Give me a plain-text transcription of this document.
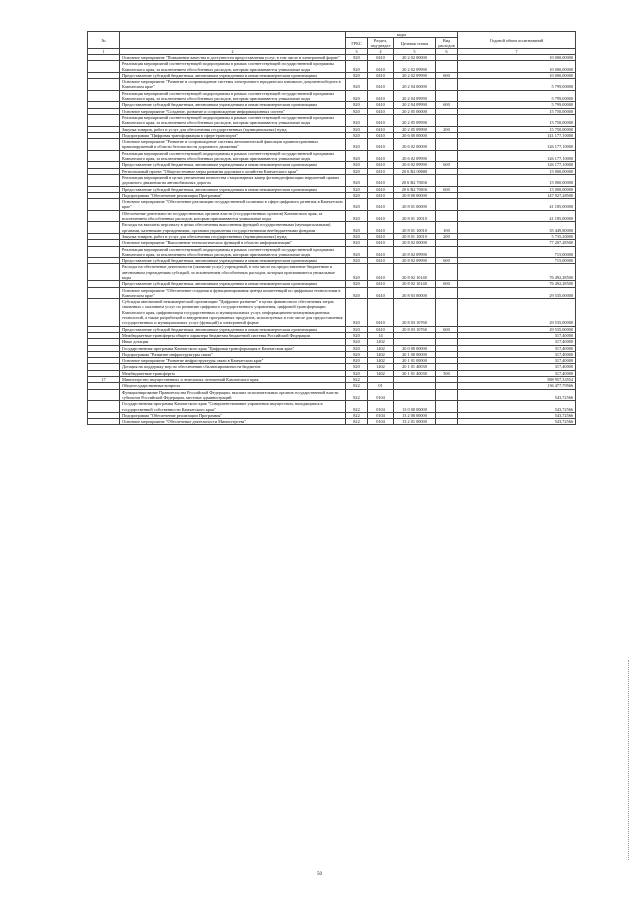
№		коды				Годовой объем ассигнований
		ГРБС	Раздел, под-раздел	Целевая статья	Вид расходов	
1	2	3	4	5	6	7
	Основное мероприятие "Повышение качества и доступности предоставления услуг, в том числе в электронной форме"	820	0410	20 2 02 00000		10 000,00000
	Реализация мероприятий соответствующей подпрограммы в рамках соответствующей государственной программы Камчатского края, за исключением обособленных расходов, которым присваиваются уникальные коды	820	0410	20 2 02 09990		10 000,00000
	Предоставление субсидий бюджетным, автономным учреждениям и иным некоммерческим организациям	820	0410	20 2 02 09990	600	10 000,00000
	Основное мероприятие "Развитие и сопровождение системы электронного юридически значимого документооборота в Камчатском крае"	820	0410	20 2 04 00000		5 799,00000
	Реализация мероприятий соответствующей подпрограммы в рамках соответствующей государственной программы Камчатского края, за исключением обособленных расходов, которым присваиваются уникальные коды	820	0410	20 2 04 09990		5 799,00000
	Предоставление субсидий бюджетным, автономным учреждениям и иным некоммерческим организациям	820	0410	20 2 04 09990	600	5 799,00000
	Основное мероприятие "Создание, развитие и сопровождение информационных систем"	820	0410	20 2 05 00000		15 750,00000
	Реализация мероприятий соответствующей подпрограммы в рамках соответствующей государственной программы Камчатского края, за исключением обособленных расходов, которым присваиваются уникальные коды	820	0410	20 2 05 09990		15 750,00000
	Закупка товаров, работ и услуг для обеспечения государственных (муниципальных) нужд	820	0410	20 2 05 09990	200	15 750,00000
	Подпрограмма "Цифровая трансформация в сфере транспорта"	820	0410	20 6 00 00000		141 177,10000
	Основное мероприятие "Развитие и сопровождение системы автоматической фиксации административных правонарушений в области безопасности дорожного движения"	820	0410	20 6 02 00000		126 177,10000
	Реализация мероприятий соответствующей подпрограммы в рамках соответствующей государственной программы Камчатского края, за исключением обособленных расходов, которым присваиваются уникальные коды	820	0410	20 6 02 09990		126 177,10000
	Предоставление субсидий бюджетным, автономным учреждениям и иным некоммерческим организациям	820	0410	20 6 02 09990	600	126 177,10000
	Региональный проект "Общесистемные меры развития дорожного хозяйства Камчатского края"	820	0410	20 6 R2 00000		15 000,00000
	Реализация мероприятий в целях увеличения количества стационарных камер фотовидеофиксации нарушений правил дорожного движения на автомобильных дорогах	820	0410	20 6 R2 70016		15 000,00000
	Предоставление субсидий бюджетным, автономным учреждениям и иным некоммерческим организациям	820	0410	20 6 R2 70016	600	15 000,00000
	Подпрограмма "Обеспечение реализации Программы"	820	0410	20 8 00 00000		147 927,28500
	Основное мероприятие "Обеспечение реализации государственной политики в сфере цифрового развития в Камчатском крае"	820	0410	20 8 01 00000		41 185,00000
	Обеспечение деятельности государственных органов власти (государственных органов) Камчатского края, за исключением обособленных расходов, которым присваиваются уникальные коды	820	0410	20 8 01 10010		41 185,00000
	Расходы на выплаты персоналу в целях обеспечения выполнения функций государственными (муниципальными) органами, казенными учреждениями, органами управления государственными внебюджетными фондами	820	0410	20 8 01 10010	100	35 449,80000
	Закупка товаров, работ и услуг для обеспечения государственных (муниципальных) нужд	820	0410	20 8 01 10010	200	5 735,20000
	Основное мероприятие "Выполнение технологических функций в области информатизации"	820	0410	20 8 02 00000		77 207,28500
	Реализация мероприятий соответствующей подпрограммы в рамках соответствующей государственной программы Камчатского края, за исключением обособленных расходов, которым присваиваются уникальные коды	820	0410	20 8 02 09990		715,00000
	Предоставление субсидий бюджетным, автономным учреждениям и иным некоммерческим организациям	820	0410	20 8 02 09990	600	715,00000
	Расходы на обеспечение деятельности (оказание услуг) учреждений, в том числе на предоставление бюджетным и автономным учреждениям субсидий, за исключением обособленных расходов, которым присваиваются уникальные коды	820	0410	20 8 02 10140		76 492,28500
	Предоставление субсидий бюджетным, автономным учреждениям и иным некоммерческим организациям	820	0410	20 8 02 10140	600	76 492,28500
	Основное мероприятие "Обеспечение создания и функционирования центра компетенций по цифровым технологиям в Камчатском крае"	820	0410	20 8 03 00000		29 535,00000
	Субсидия автономной некоммерческой организации "Цифровое развитие" в целях финансового обеспечения затрат, связанных с оказанием услуг по развитию цифрового государственного управления, цифровой трансформации Камчатского края, цифровизации государственных и муниципальных услуг, информационно-коммуникационных технологий, а также разработкой и внедрением программных продуктов, используемых в том числе для предоставления государственных и муниципальных услуг (функций) в электронной форме	820	0410	20 8 03 10760		29 535,00000
	Предоставление субсидий бюджетным, автономным учреждениям и иным некоммерческим организациям	820	0410	20 8 03 10760	600	29 535,00000
	Межбюджетные трансферты общего характера бюджетам бюджетной системы Российской Федерации	820	14			317,40000
	Иные дотации	820	1402			317,40000
	Государственная программа Камчатского края "Цифровая трансформация в Камчатском крае"	820	1402	20 0 00 00000		317,40000
	Подпрограмма "Развитие инфраструктуры связи"	820	1402	20 1 00 00000		317,40000
	Основное мероприятие "Развитие инфраструктуры связи в Камчатском крае"	820	1402	20 1 01 00000		317,40000
	Дотация на поддержку мер по обеспечению сбалансированности бюджетов	820	1402	20 1 01 40030		317,40000
	Межбюджетные трансферты	820	1402	20 1 01 40030	500	317,40000
17	Министерство имущественных и земельных отношений Камчатского края	822				588 957,33554
	Общегосударственные вопросы	822	01			136 477,79566
	Функционирование Правительства Российской Федерации, высших исполнительных органов государственной власти субъектов Российской Федерации, местных администраций	822	0104			543,72566
	Государственная программа Камчатского края "Совершенствование управления имуществом, находящимся в государственной собственности Камчатского края"	822	0104	13 0 00 00000		543,72566
	Подпрограмма "Обеспечение реализации Программы"	822	0104	13 2 00 00000		543,72566
	Основное мероприятие "Обеспечение деятельности Министерства"	822	0104	13 2 01 00000		543,72566
50
